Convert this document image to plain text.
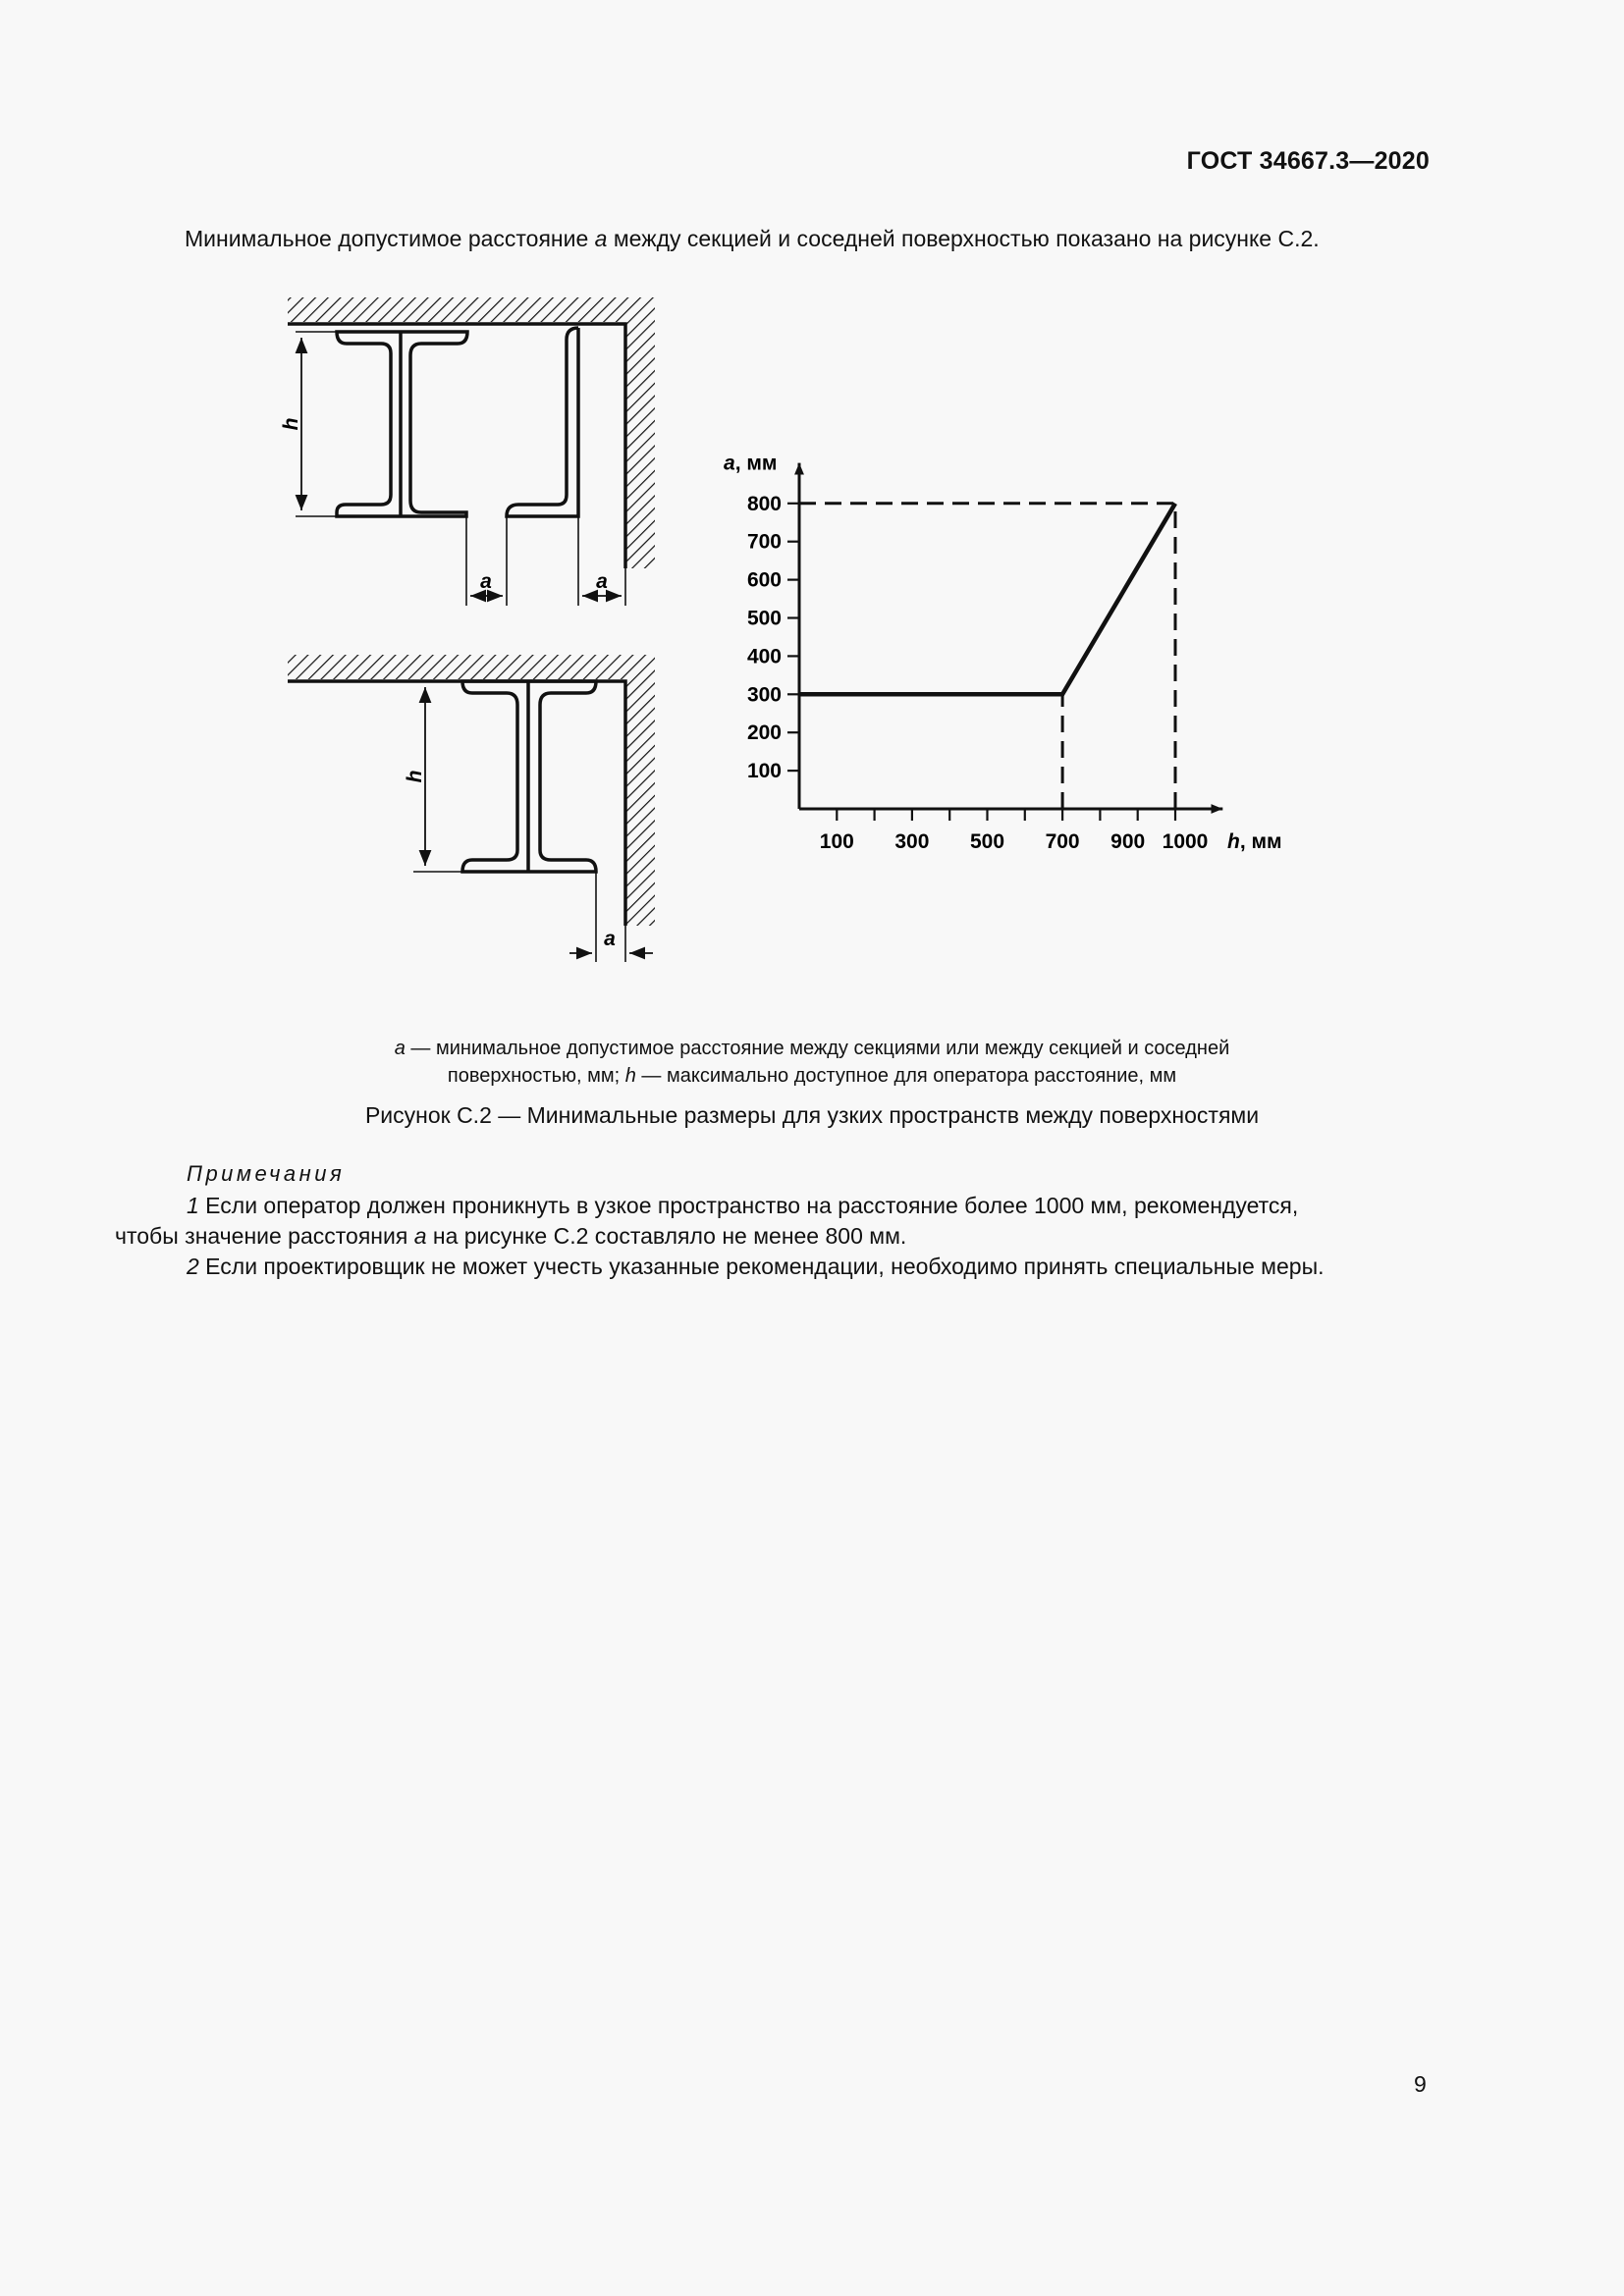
ГОСТ 34667.3—2020
Минимальное допустимое расстояние a между секцией и соседней поверхностью показано на рисунке С.2.
h
a	a
h
a
100
200
300
400
500
600
700
800
100 300 500 700 900 1000
a, мм
h, мм
a — минимальное допустимое расстояние между секциями или между секцией и соседней
поверхностью, мм; h — максимально доступное для оператора расстояние, мм
Рисунок С.2 — Минимальные размеры для узких пространств между поверхностями
Примечания
1 Если оператор должен проникнуть в узкое пространство на расстояние более 1000 мм, рекомендуется,
чтобы значение расстояния a на рисунке С.2 составляло не менее 800 мм.
2 Если проектировщик не может учесть указанные рекомендации, необходимо принять специальные меры.
9
